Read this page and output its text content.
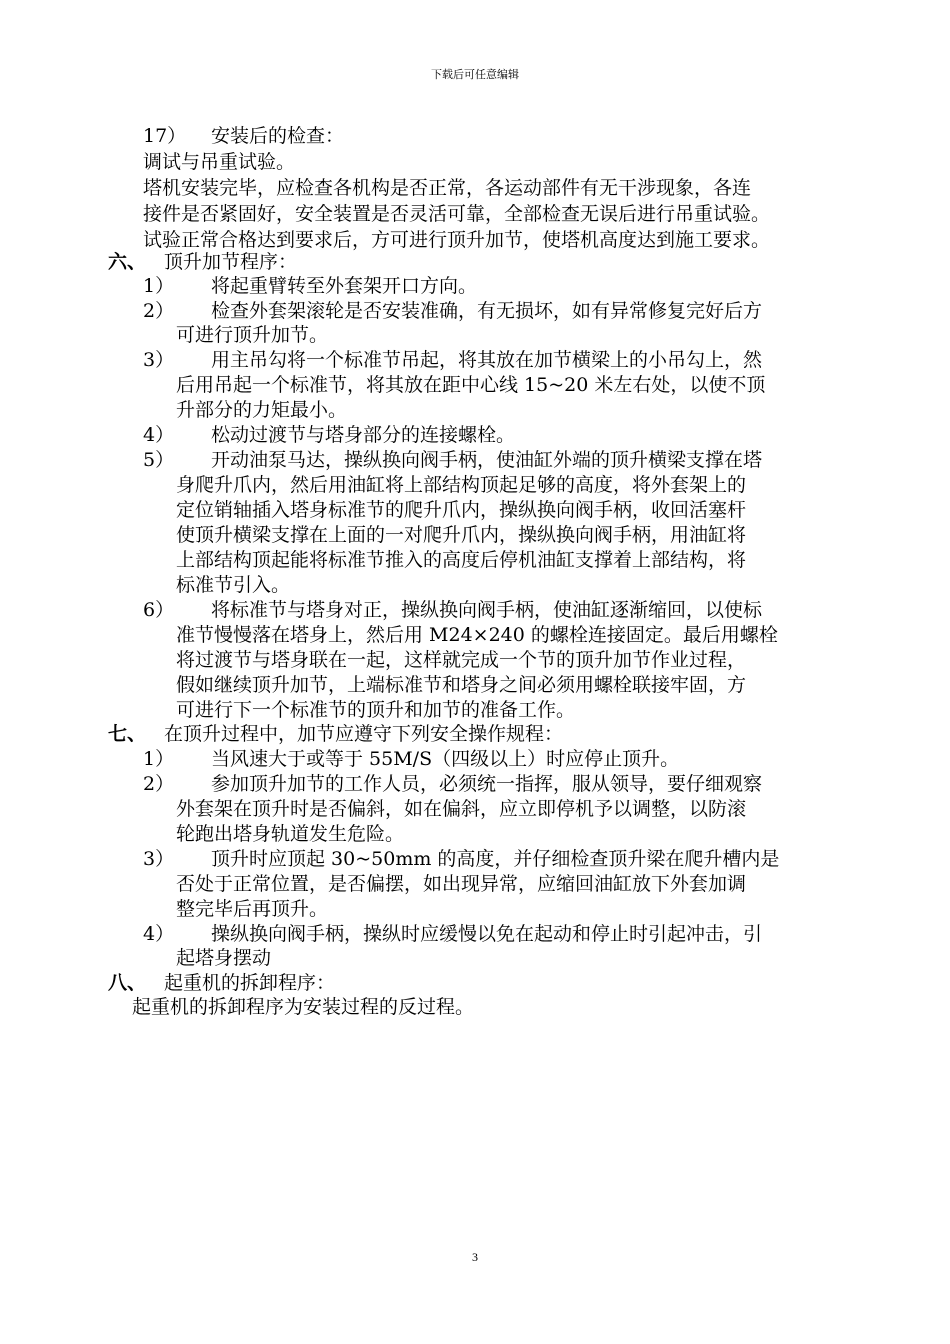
下载后可任意编辑
17） 安装后的检查：
调试与吊重试验。
塔机安装完毕，应检查各机构是否正常，各运动部件有无干涉现象，各连
接件是否紧固好，安全装置是否灵活可靠，全部检查无误后进行吊重试验。
试验正常合格达到要求后，方可进行顶升加节，使塔机高度达到施工要求。
六、 顶升加节程序：
1） 将起重臂转至外套架开口方向。
2） 检查外套架滚轮是否安装准确，有无损坏，如有异常修复完好后方
可进行顶升加节。
3） 用主吊勾将一个标准节吊起，将其放在加节横梁上的小吊勾上，然
后用吊起一个标准节，将其放在距中心线 15~20 米左右处，以使不顶
升部分的力矩最小。
4） 松动过渡节与塔身部分的连接螺栓。
5） 开动油泵马达，操纵换向阀手柄，使油缸外端的顶升横梁支撑在塔
身爬升爪内，然后用油缸将上部结构顶起足够的高度，将外套架上的
定位销轴插入塔身标准节的爬升爪内，操纵换向阀手柄，收回活塞杆
使顶升横梁支撑在上面的一对爬升爪内，操纵换向阀手柄，用油缸将
上部结构顶起能将标准节推入的高度后停机油缸支撑着上部结构，将
标准节引入。
6） 将标准节与塔身对正，操纵换向阀手柄，使油缸逐渐缩回，以使标
准节慢慢落在塔身上，然后用 M24×240 的螺栓连接固定。最后用螺栓
将过渡节与塔身联在一起，这样就完成一个节的顶升加节作业过程，
假如继续顶升加节，上端标准节和塔身之间必须用螺栓联接牢固，方
可进行下一个标准节的顶升和加节的准备工作。
七、 在顶升过程中，加节应遵守下列安全操作规程：
1） 当风速大于或等于 55M/S（四级以上）时应停止顶升。
2） 参加顶升加节的工作人员，必须统一指挥，服从领导，要仔细观察
外套架在顶升时是否偏斜，如在偏斜，应立即停机予以调整，以防滚
轮跑出塔身轨道发生危险。
3） 顶升时应顶起 30~50mm 的高度，并仔细检查顶升梁在爬升槽内是
否处于正常位置，是否偏摆，如出现异常，应缩回油缸放下外套加调
整完毕后再顶升。
4） 操纵换向阀手柄，操纵时应缓慢以免在起动和停止时引起冲击，引
起塔身摆动
八、 起重机的拆卸程序：
起重机的拆卸程序为安装过程的反过程。
3
